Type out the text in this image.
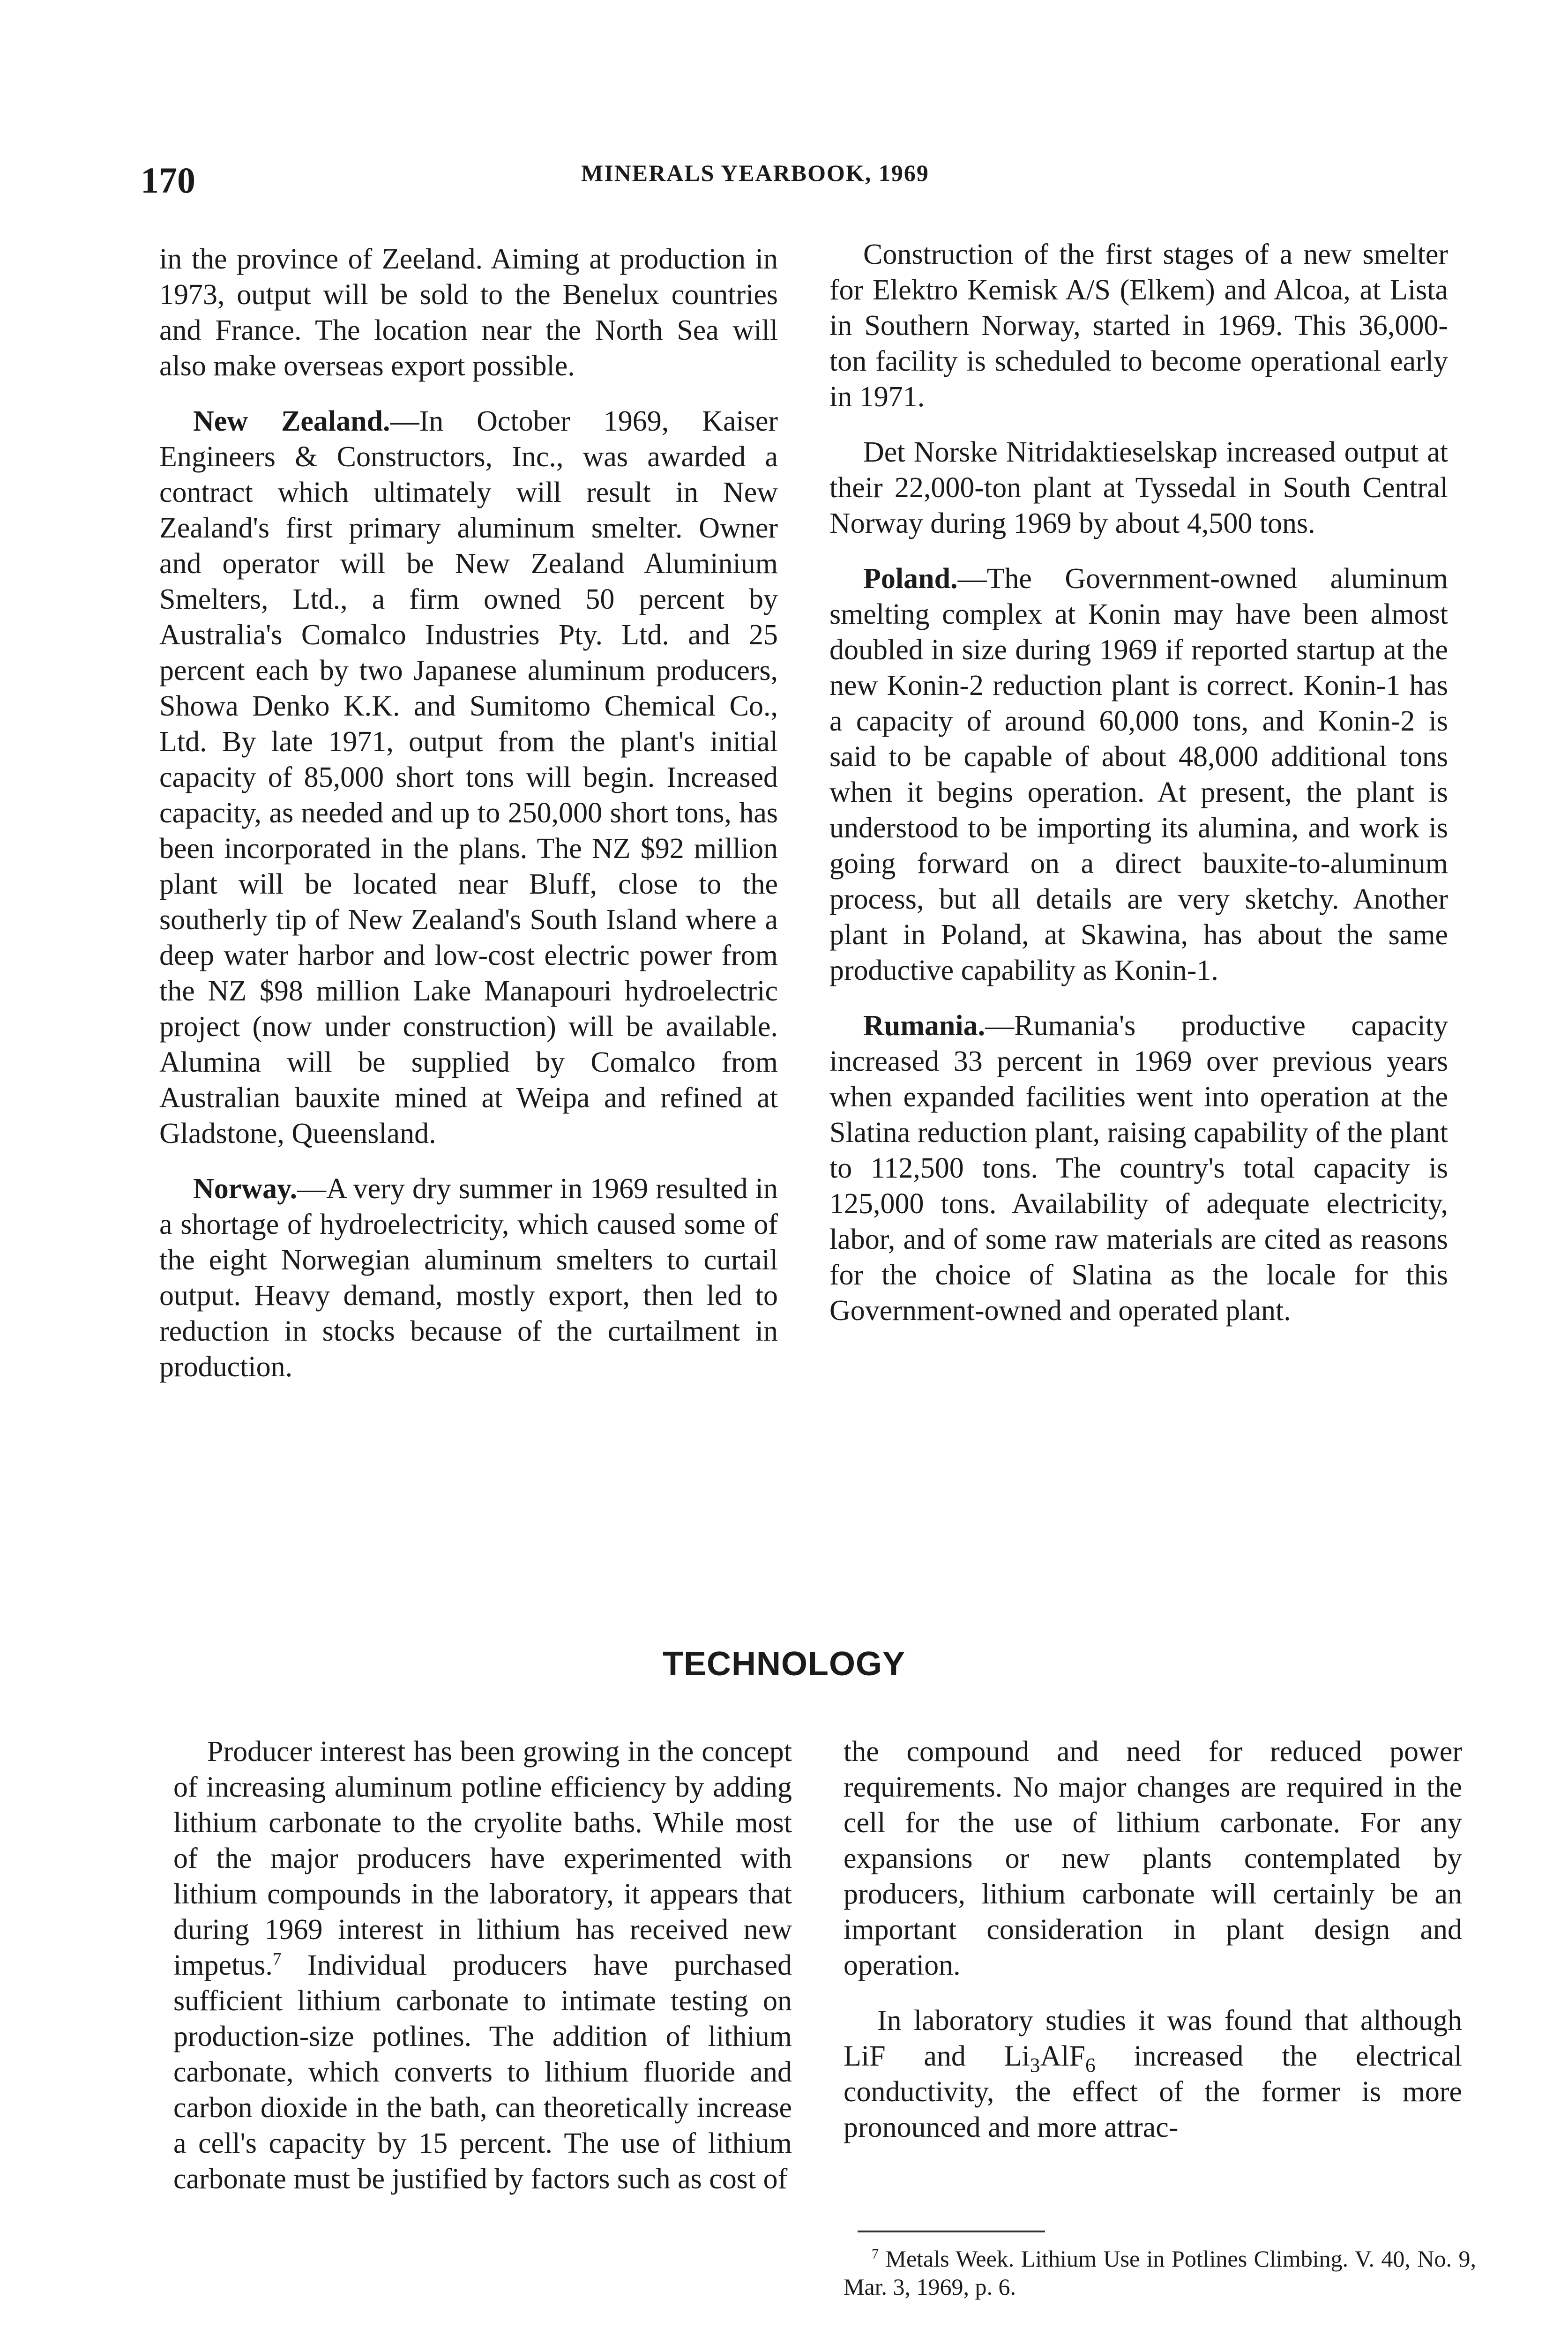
170	MINERALS YEARBOOK, 1969

in the province of Zeeland. Aiming at production in 1973, output will be sold to the Benelux countries and France. The location near the North Sea will also make overseas export possible.

New Zealand.—In October 1969, Kaiser Engineers & Constructors, Inc., was awarded a contract which ultimately will result in New Zealand's first primary aluminum smelter. Owner and operator will be New Zealand Aluminium Smelters, Ltd., a firm owned 50 percent by Australia's Comalco Industries Pty. Ltd. and 25 percent each by two Japanese aluminum producers, Showa Denko K.K. and Sumitomo Chemical Co., Ltd. By late 1971, output from the plant's initial capacity of 85,000 short tons will begin. Increased capacity, as needed and up to 250,000 short tons, has been incorporated in the plans. The NZ $92 million plant will be located near Bluff, close to the southerly tip of New Zealand's South Island where a deep water harbor and low-cost electric power from the NZ $98 million Lake Manapouri hydroelectric project (now under construction) will be available. Alumina will be supplied by Comalco from Australian bauxite mined at Weipa and refined at Gladstone, Queensland.

Norway.—A very dry summer in 1969 resulted in a shortage of hydroelectricity, which caused some of the eight Norwegian aluminum smelters to curtail output. Heavy demand, mostly export, then led to reduction in stocks because of the curtailment in production.

Construction of the first stages of a new smelter for Elektro Kemisk A/S (Elkem) and Alcoa, at Lista in Southern Norway, started in 1969. This 36,000-ton facility is scheduled to become operational early in 1971.

Det Norske Nitridaktieselskap increased output at their 22,000-ton plant at Tyssedal in South Central Norway during 1969 by about 4,500 tons.

Poland.—The Government-owned aluminum smelting complex at Konin may have been almost doubled in size during 1969 if reported startup at the new Konin-2 reduction plant is correct. Konin-1 has a capacity of around 60,000 tons, and Konin-2 is said to be capable of about 48,000 additional tons when it begins operation. At present, the plant is understood to be importing its alumina, and work is going forward on a direct bauxite-to-aluminum process, but all details are very sketchy. Another plant in Poland, at Skawina, has about the same productive capability as Konin-1.

Rumania.—Rumania's productive capacity increased 33 percent in 1969 over previous years when expanded facilities went into operation at the Slatina reduction plant, raising capability of the plant to 112,500 tons. The country's total capacity is 125,000 tons. Availability of adequate electricity, labor, and of some raw materials are cited as reasons for the choice of Slatina as the locale for this Government-owned and operated plant.

TECHNOLOGY

Producer interest has been growing in the concept of increasing aluminum potline efficiency by adding lithium carbonate to the cryolite baths. While most of the major producers have experimented with lithium compounds in the laboratory, it appears that during 1969 interest in lithium has received new impetus.$^7$ Individual producers have purchased sufficient lithium carbonate to intimate testing on production-size potlines. The addition of lithium carbonate, which converts to lithium fluoride and carbon dioxide in the bath, can theoretically increase a cell's capacity by 15 percent. The use of lithium carbonate must be justified by factors such as cost of

the compound and need for reduced power requirements. No major changes are required in the cell for the use of lithium carbonate. For any expansions or new plants contemplated by producers, lithium carbonate will certainly be an important consideration in plant design and operation.

In laboratory studies it was found that although LiF and $Li_3AlF_6$ increased the electrical conductivity, the effect of the former is more pronounced and more attrac-

$^7$ Metals Week. Lithium Use in Potlines Climbing. V. 40, No. 9, Mar. 3, 1969, p. 6.
